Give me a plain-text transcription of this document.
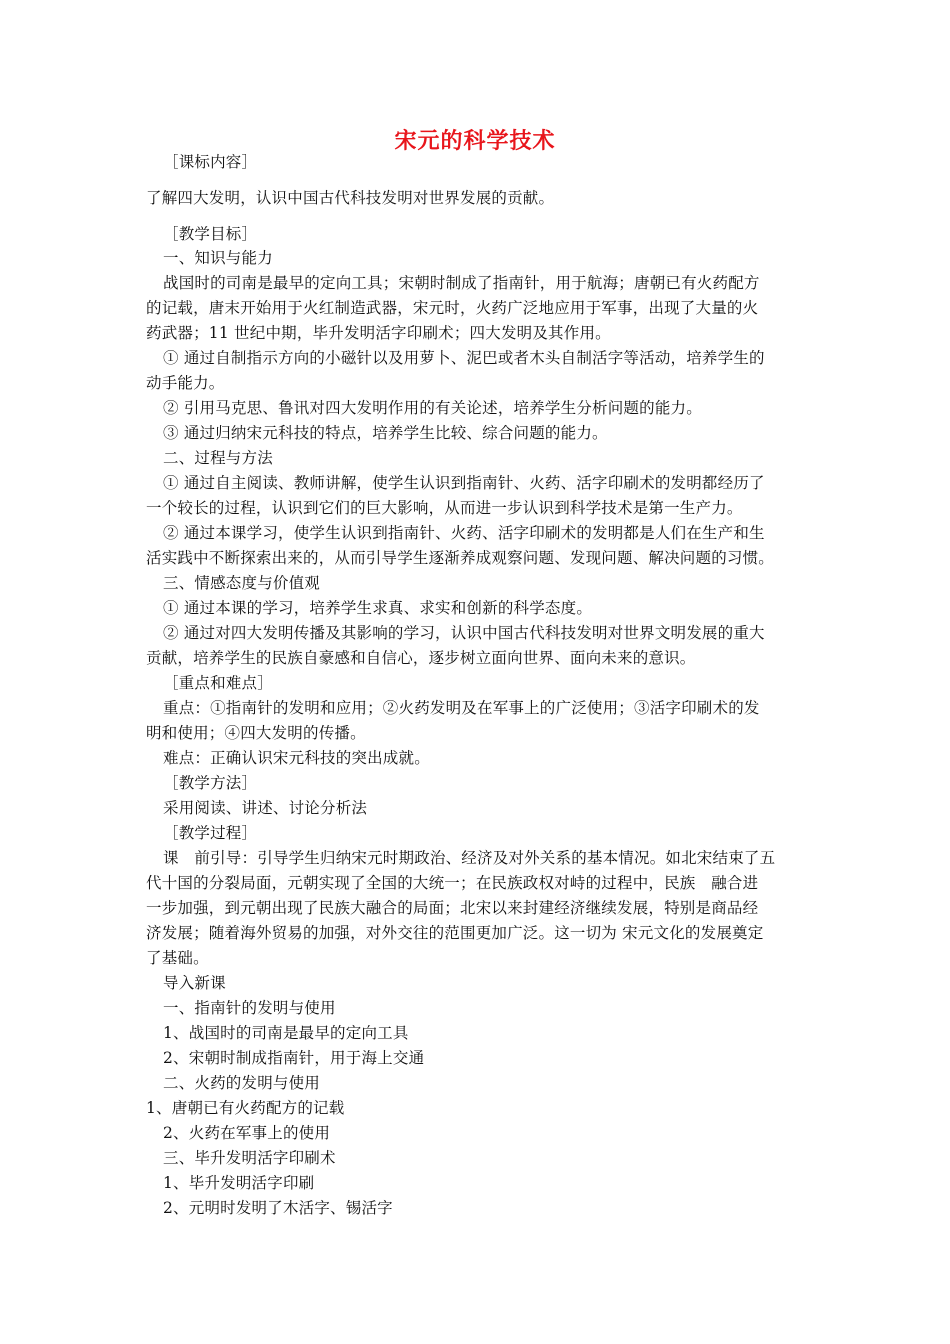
宋元的科学技术
［课标内容］
了解四大发明，认识中国古代科技发明对世界发展的贡献。
［教学目标］
一、知识与能力
战国时的司南是最早的定向工具；宋朝时制成了指南针，用于航海；唐朝已有火药配方
的记载，唐末开始用于火红制造武器，宋元时，火药广泛地应用于军事，出现了大量的火
药武器；11 世纪中期，毕升发明活字印刷术；四大发明及其作用。
① 通过自制指示方向的小磁针以及用萝卜、泥巴或者木头自制活字等活动，培养学生的
动手能力。
② 引用马克思、鲁讯对四大发明作用的有关论述，培养学生分析问题的能力。
③ 通过归纳宋元科技的特点，培养学生比较、综合问题的能力。
二、过程与方法
① 通过自主阅读、教师讲解，使学生认识到指南针、火药、活字印刷术的发明都经历了
一个较长的过程，认识到它们的巨大影响，从而进一步认识到科学技术是第一生产力。
② 通过本课学习，使学生认识到指南针、火药、活字印刷术的发明都是人们在生产和生
活实践中不断探索出来的，从而引导学生逐渐养成观察问题、发现问题、解决问题的习惯。
三、情感态度与价值观
① 通过本课的学习，培养学生求真、求实和创新的科学态度。
② 通过对四大发明传播及其影响的学习，认识中国古代科技发明对世界文明发展的重大
贡献，培养学生的民族自豪感和自信心，逐步树立面向世界、面向未来的意识。
［重点和难点］
重点：①指南针的发明和应用；②火药发明及在军事上的广泛使用；③活字印刷术的发
明和使用；④四大发明的传播。
难点：正确认识宋元科技的突出成就。
［教学方法］
采用阅读、讲述、讨论分析法
［教学过程］
课　前引导：引导学生归纳宋元时期政治、经济及对外关系的基本情况。如北宋结束了五
代十国的分裂局面，元朝实现了全国的大统一；在民族政权对峙的过程中，民族　融合进
一步加强，到元朝出现了民族大融合的局面；北宋以来封建经济继续发展，特别是商品经
济发展；随着海外贸易的加强，对外交往的范围更加广泛。这一切为 宋元文化的发展奠定
了基础。
导入新课
一、指南针的发明与使用
1、战国时的司南是最早的定向工具
2、宋朝时制成指南针，用于海上交通
二、火药的发明与使用
1、唐朝已有火药配方的记载
2、火药在军事上的使用
三、毕升发明活字印刷术
1、毕升发明活字印刷
2、元明时发明了木活字、锡活字
